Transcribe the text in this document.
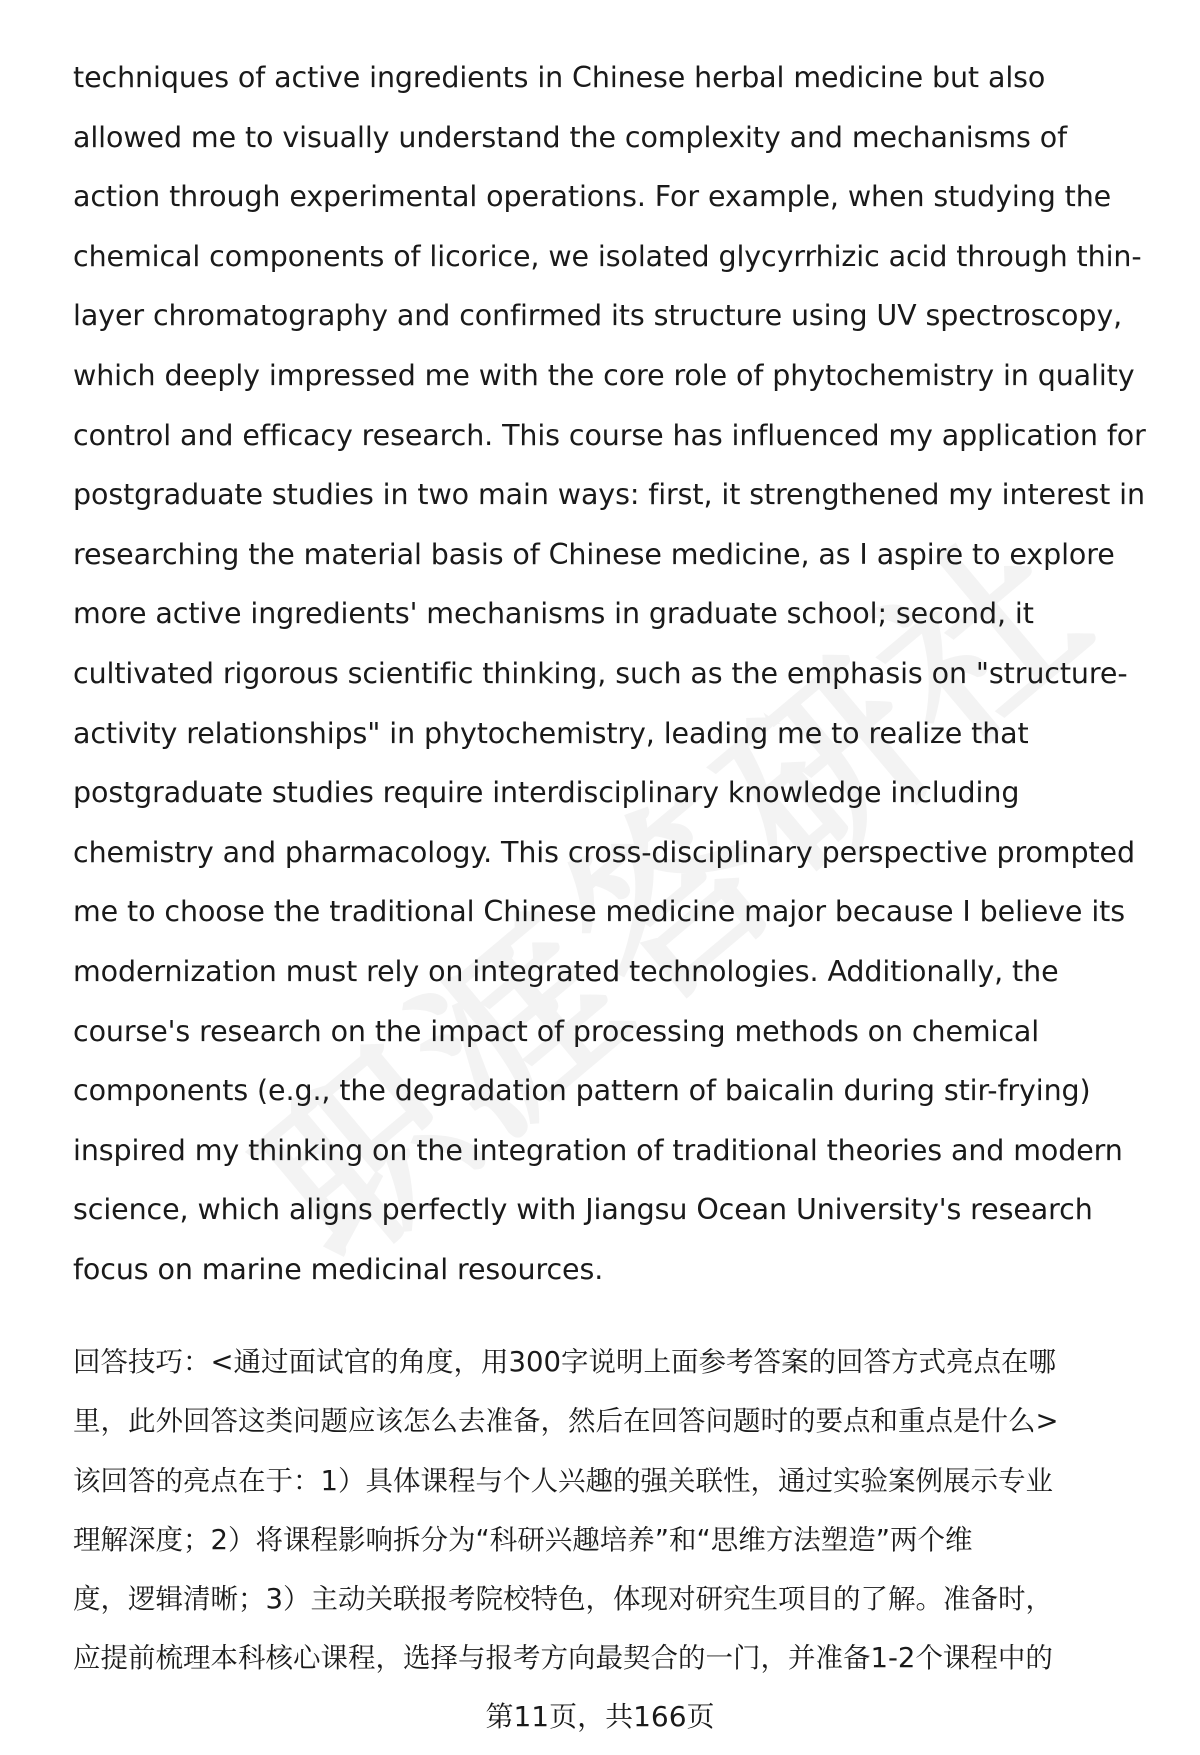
techniques of active ingredients in Chinese herbal medicine but also
allowed me to visually understand the complexity and mechanisms of
action through experimental operations. For example, when studying the
chemical components of licorice, we isolated glycyrrhizic acid through thin-
layer chromatography and confirmed its structure using UV spectroscopy,
which deeply impressed me with the core role of phytochemistry in quality
control and efficacy research. This course has influenced my application for
postgraduate studies in two main ways: first, it strengthened my interest in
researching the material basis of Chinese medicine, as I aspire to explore
more active ingredients' mechanisms in graduate school; second, it
cultivated rigorous scientific thinking, such as the emphasis on "structure-
activity relationships" in phytochemistry, leading me to realize that
postgraduate studies require interdisciplinary knowledge including
chemistry and pharmacology. This cross-disciplinary perspective prompted
me to choose the traditional Chinese medicine major because I believe its
modernization must rely on integrated technologies. Additionally, the
course's research on the impact of processing methods on chemical
components (e.g., the degradation pattern of baicalin during stir-frying)
inspired my thinking on the integration of traditional theories and modern
science, which aligns perfectly with Jiangsu Ocean University's research
focus on marine medicinal resources.
回答技巧：<通过面试官的角度，用300字说明上面参考答案的回答方式亮点在哪
里，此外回答这类问题应该怎么去准备，然后在回答问题时的要点和重点是什么>
该回答的亮点在于：1）具体课程与个人兴趣的强关联性，通过实验案例展示专业
理解深度；2）将课程影响拆分为“科研兴趣培养”和“思维方法塑造”两个维
度，逻辑清晰；3）主动关联报考院校特色，体现对研究生项目的了解。准备时，
应提前梳理本科核心课程，选择与报考方向最契合的一门，并准备1-2个课程中的
第11页，共166页
